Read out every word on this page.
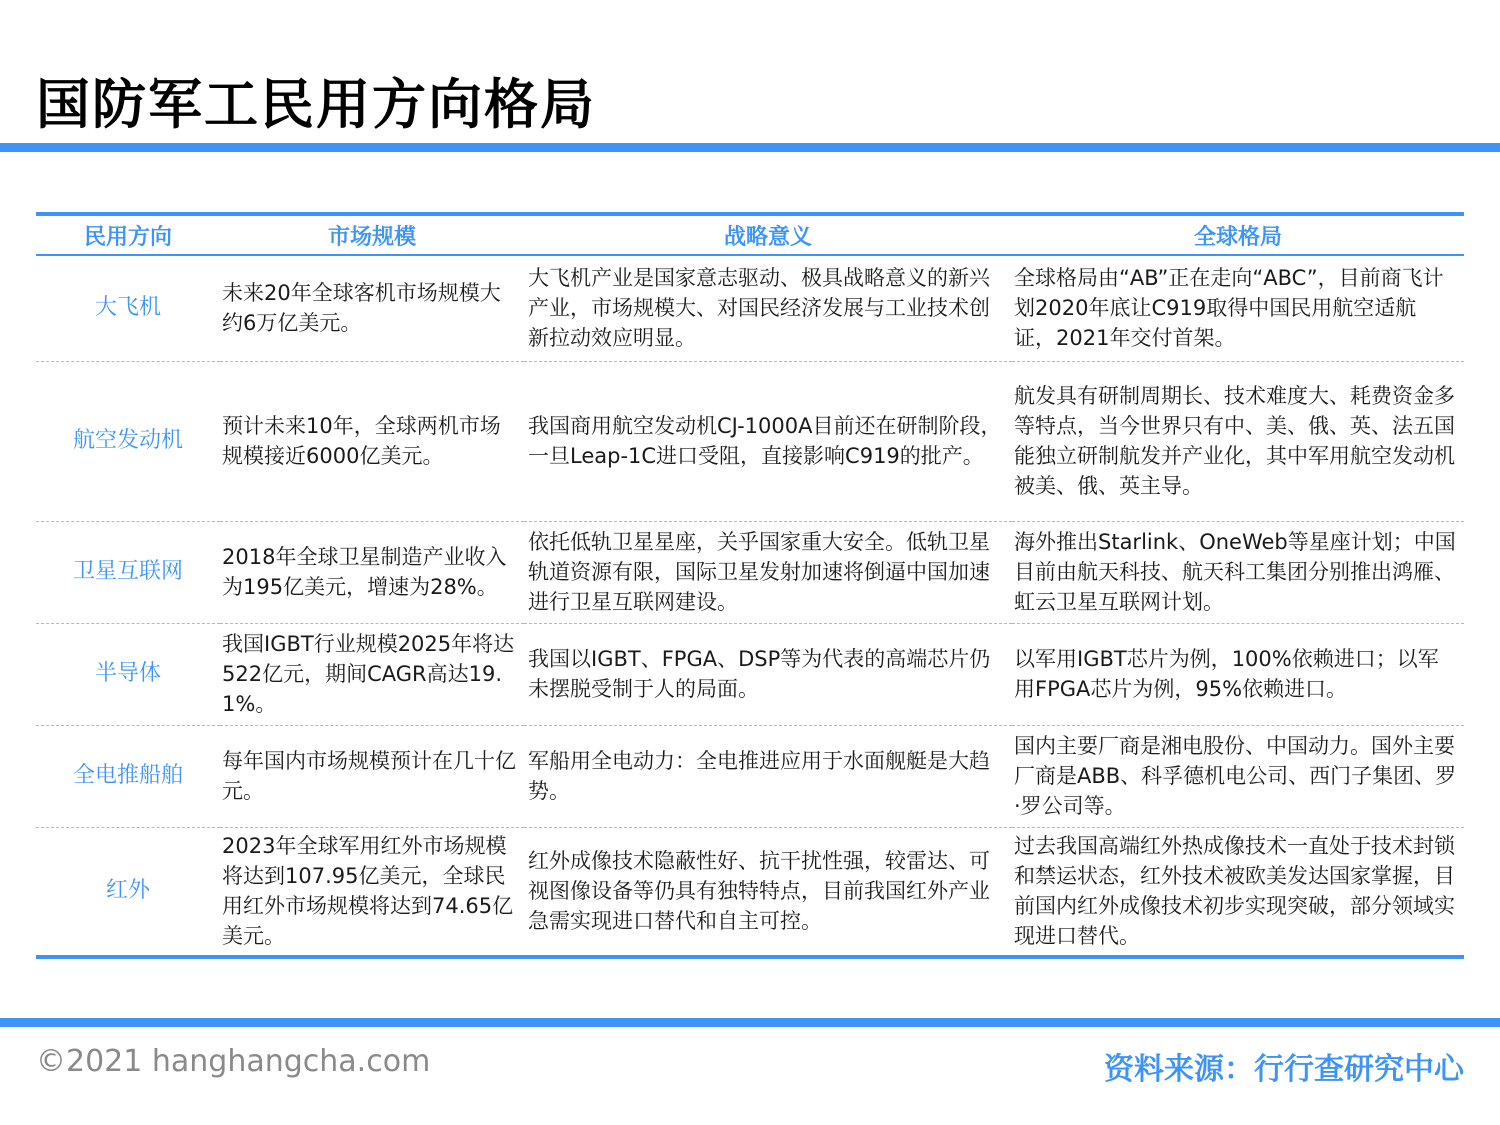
国防军工民用方向格局
民用方向	市场规模	战略意义	全球格局
大飞机	未来20年全球客机市场规模大约6万亿美元。	大飞机产业是国家意志驱动、极具战略意义的新兴产业，市场规模大、对国民经济发展与工业技术创新拉动效应明显。	全球格局由“AB”正在走向“ABC”，目前商飞计划2020年底让C919取得中国民用航空适航证，2021年交付首架。
航空发动机	预计未来10年，全球两机市场规模接近6000亿美元。	我国商用航空发动机CJ-1000A目前还在研制阶段，一旦Leap-1C进口受阻，直接影响C919的批产。	航发具有研制周期长、技术难度大、耗费资金多等特点，当今世界只有中、美、俄、英、法五国能独立研制航发并产业化，其中军用航空发动机被美、俄、英主导。
卫星互联网	2018年全球卫星制造产业收入为195亿美元，增速为28%。	依托低轨卫星星座，关乎国家重大安全。低轨卫星轨道资源有限，国际卫星发射加速将倒逼中国加速进行卫星互联网建设。	海外推出Starlink、OneWeb等星座计划；中国目前由航天科技、航天科工集团分别推出鸿雁、虹云卫星互联网计划。
半导体	我国IGBT行业规模2025年将达522亿元，期间CAGR高达19.1%。	我国以IGBT、FPGA、DSP等为代表的高端芯片仍未摆脱受制于人的局面。	以军用IGBT芯片为例，100%依赖进口；以军用FPGA芯片为例，95%依赖进口。
全电推船舶	每年国内市场规模预计在几十亿元。	军船用全电动力：全电推进应用于水面舰艇是大趋势。	国内主要厂商是湘电股份、中国动力。国外主要厂商是ABB、科孚德机电公司、西门子集团、罗·罗公司等。
红外	2023年全球军用红外市场规模将达到107.95亿美元，全球民用红外市场规模将达到74.65亿美元。	红外成像技术隐蔽性好、抗干扰性强，较雷达、可视图像设备等仍具有独特特点，目前我国红外产业急需实现进口替代和自主可控。	过去我国高端红外热成像技术一直处于技术封锁和禁运状态，红外技术被欧美发达国家掌握，目前国内红外成像技术初步实现突破，部分领域实现进口替代。
©2021 hanghangcha.com	资料来源：行行查研究中心
